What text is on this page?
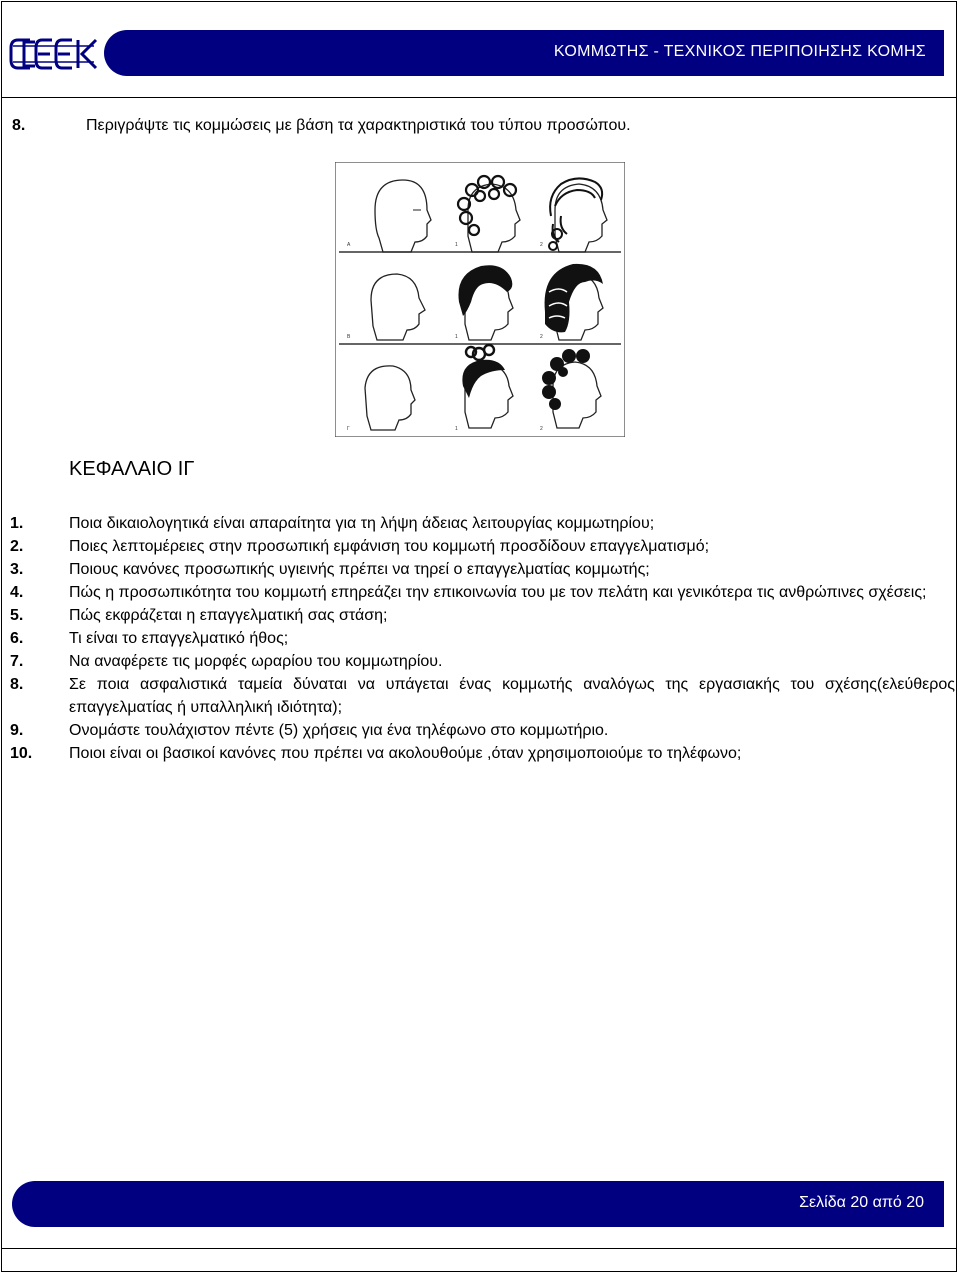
ΚΟΜΜΩΤΗΣ - ΤΕΧΝΙΚΟΣ ΠΕΡΙΠΟΙΗΣΗΣ ΚΟΜΗΣ
8.	Περιγράψτε τις κομμώσεις με βάση τα χαρακτηριστικά του τύπου προσώπου.
Α	1	2
Β	1	2
Γ	1	2
ΚΕΦΑΛΑΙΟ ΙΓ

1.	Ποια δικαιολογητικά είναι απαραίτητα για τη λήψη άδειας λειτουργίας κομμωτηρίου;

2.	Ποιες λεπτομέρειες στην προσωπική εμφάνιση του κομμωτή προσδίδουν επαγγελματισμό;

3.	Ποιους κανόνες προσωπικής υγιεινής πρέπει να τηρεί ο επαγγελματίας κομμωτής;

4.	Πώς η προσωπικότητα του κομμωτή επηρεάζει την επικοινωνία του με τον πελάτη και γενικότερα τις ανθρώπινες σχέσεις;

5.	Πώς εκφράζεται η επαγγελματική σας στάση;

6.	Τι είναι το επαγγελματικό ήθος;

7.	Να αναφέρετε τις μορφές ωραρίου του κομμωτηρίου.

8.	Σε ποια ασφαλιστικά ταμεία δύναται να υπάγεται ένας κομμωτής αναλόγως της εργασιακής του σχέσης(ελεύθερος επαγγελματίας ή υπαλληλική ιδιότητα);

9.	Ονομάστε τουλάχιστον πέντε (5) χρήσεις για ένα τηλέφωνο στο κομμωτήριο.

10. Ποιοι είναι οι βασικοί κανόνες που πρέπει να ακολουθούμε ,όταν χρησιμοποιούμε το τηλέφωνο;

Σελίδα 20 από 20
